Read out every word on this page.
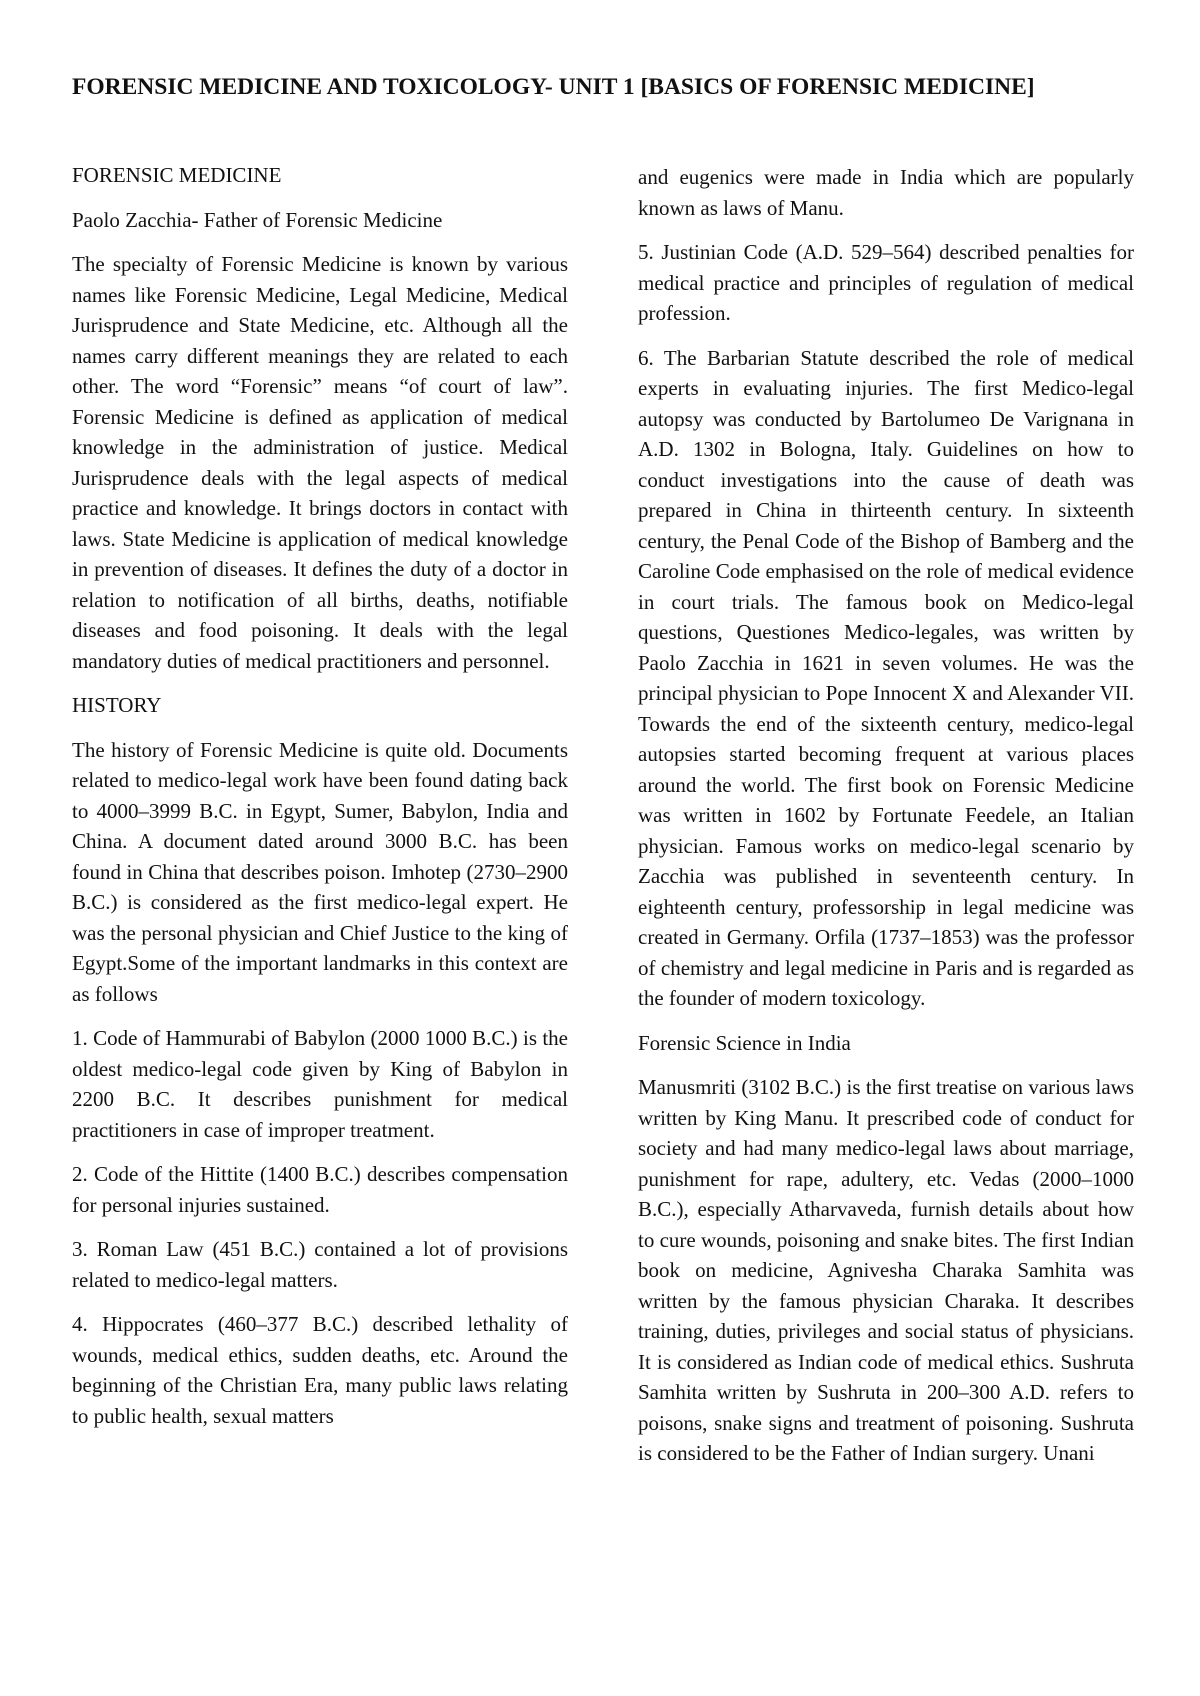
FORENSIC MEDICINE AND TOXICOLOGY- UNIT 1 [BASICS OF FORENSIC MEDICINE]

FORENSIC MEDICINE

Paolo Zacchia- Father of Forensic Medicine

The specialty of Forensic Medicine is known by various names like Forensic Medicine, Legal Medicine, Medical Jurisprudence and State Medicine, etc. Although all the names carry different meanings they are related to each other. The word “Forensic” means “of court of law”. Forensic Medicine is defined as application of medical knowledge in the administration of justice. Medical Jurisprudence deals with the legal aspects of medical practice and knowledge. It brings doctors in contact with laws. State Medicine is application of medical knowledge in prevention of diseases. It defines the duty of a doctor in relation to notification of all births, deaths, notifiable diseases and food poisoning. It deals with the legal mandatory duties of medical practitioners and personnel.

HISTORY

The history of Forensic Medicine is quite old. Documents related to medico-legal work have been found dating back to 4000–3999 B.C. in Egypt, Sumer, Babylon, India and China. A document dated around 3000 B.C. has been found in China that describes poison. Imhotep (2730–2900 B.C.) is considered as the first medico-legal expert. He was the personal physician and Chief Justice to the king of Egypt.Some of the important landmarks in this context are as follows

1. Code of Hammurabi of Babylon (2000 1000 B.C.) is the oldest medico-legal code given by King of Babylon in 2200 B.C. It describes punishment for medical practitioners in case of improper treatment.

2. Code of the Hittite (1400 B.C.) describes compensation for personal injuries sustained.

3. Roman Law (451 B.C.) contained a lot of provisions related to medico-legal matters.

4. Hippocrates (460–377 B.C.) described lethality of wounds, medical ethics, sudden deaths, etc. Around the beginning of the Christian Era, many public laws relating to public health, sexual matters

and eugenics were made in India which are popularly known as laws of Manu.

5. Justinian Code (A.D. 529–564) described penalties for medical practice and principles of regulation of medical profession.

6. The Barbarian Statute described the role of medical experts in evaluating injuries. The first Medico-legal autopsy was conducted by Bartolumeo De Varignana in A.D. 1302 in Bologna, Italy. Guidelines on how to conduct investigations into the cause of death was prepared in China in thirteenth century. In sixteenth century, the Penal Code of the Bishop of Bamberg and the Caroline Code emphasised on the role of medical evidence in court trials. The famous book on Medico-legal questions, Questiones Medico-legales, was written by Paolo Zacchia in 1621 in seven volumes. He was the principal physician to Pope Innocent X and Alexander VII. Towards the end of the sixteenth century, medico-legal autopsies started becoming frequent at various places around the world. The first book on Forensic Medicine was written in 1602 by Fortunate Feedele, an Italian physician. Famous works on medico-legal scenario by Zacchia was published in seventeenth century. In eighteenth century, professorship in legal medicine was created in Germany. Orfila (1737–1853) was the professor of chemistry and legal medicine in Paris and is regarded as the founder of modern toxicology.

Forensic Science in India

Manusmriti (3102 B.C.) is the first treatise on various laws written by King Manu. It prescribed code of conduct for society and had many medico-legal laws about marriage, punishment for rape, adultery, etc. Vedas (2000–1000 B.C.), especially Atharvaveda, furnish details about how to cure wounds, poisoning and snake bites. The first Indian book on medicine, Agnivesha Charaka Samhita was written by the famous physician Charaka. It describes training, duties, privileges and social status of physicians. It is considered as Indian code of medical ethics. Sushruta Samhita written by Sushruta in 200–300 A.D. refers to poisons, snake signs and treatment of poisoning. Sushruta is considered to be the Father of Indian surgery. Unani
